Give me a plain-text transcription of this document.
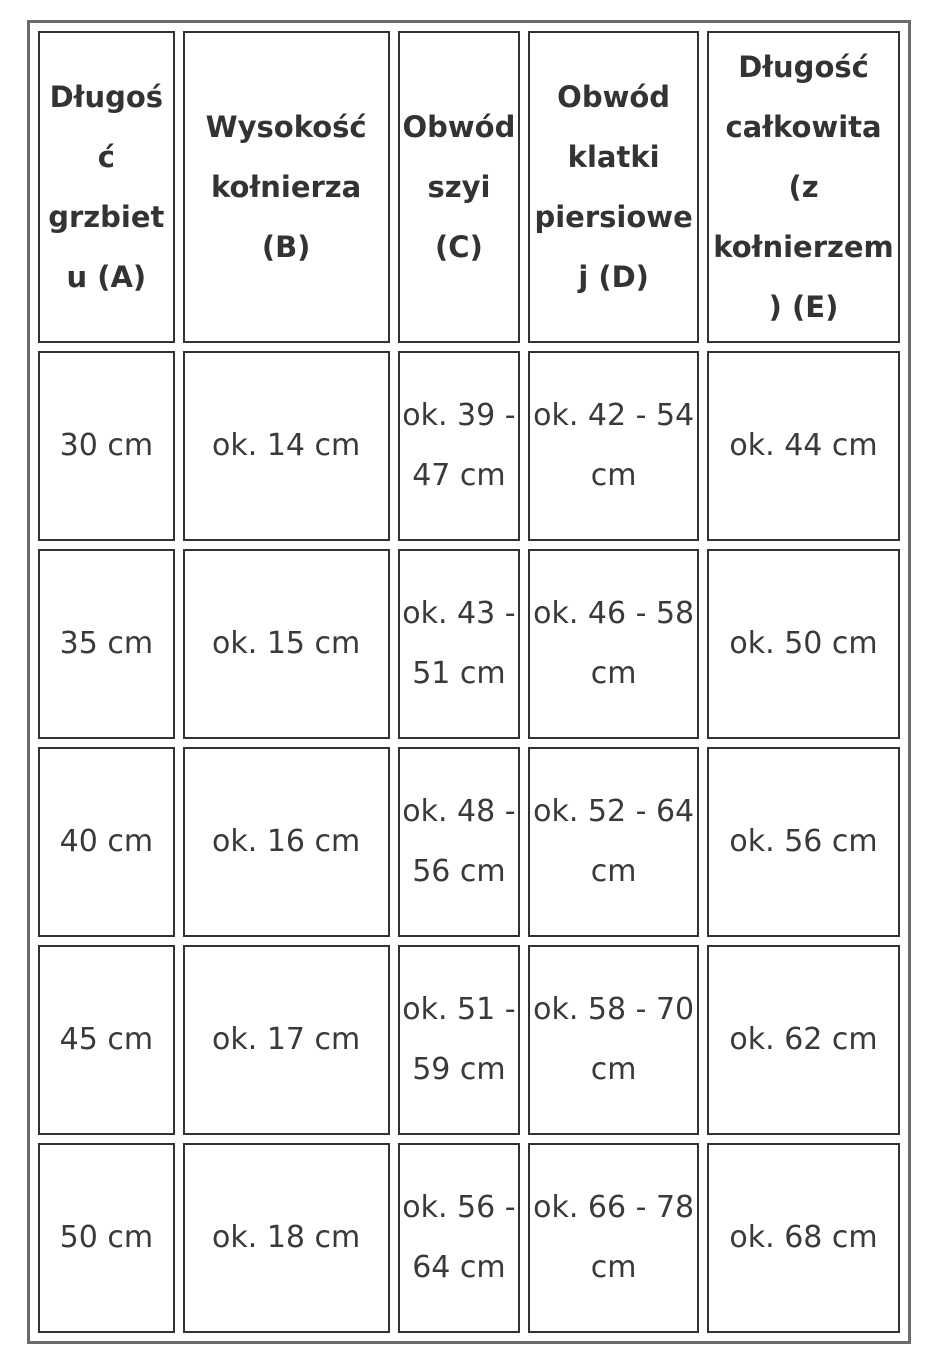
Długość grzbietu (A)	Wysokość kołnierza (B)	Obwód szyi (C)	Obwód klatki piersiowej (D)	Długość całkowita (z kołnierzem) (E)
30 cm	ok. 14 cm	ok. 39 - 47 cm	ok. 42 - 54 cm	ok. 44 cm
35 cm	ok. 15 cm	ok. 43 - 51 cm	ok. 46 - 58 cm	ok. 50 cm
40 cm	ok. 16 cm	ok. 48 - 56 cm	ok. 52 - 64 cm	ok. 56 cm
45 cm	ok. 17 cm	ok. 51 - 59 cm	ok. 58 - 70 cm	ok. 62 cm
50 cm	ok. 18 cm	ok. 56 - 64 cm	ok. 66 - 78 cm	ok. 68 cm
